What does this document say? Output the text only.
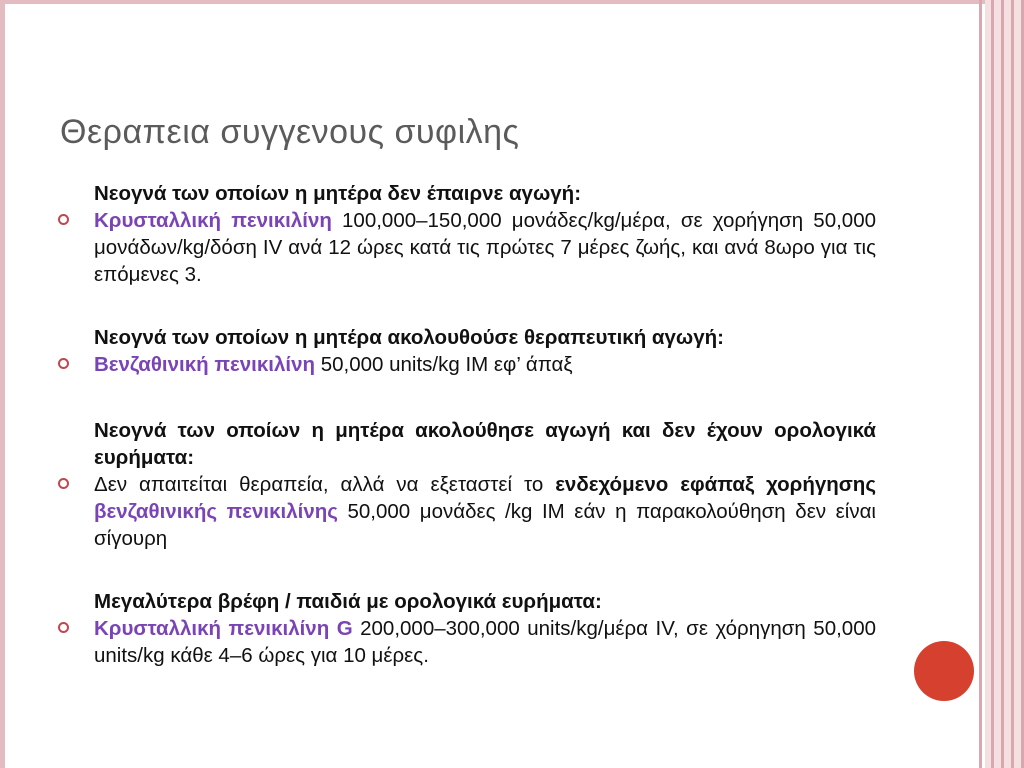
Θεραπεια συγγενους συφιλης

Νεογνά των οποίων η μητέρα δεν έπαιρνε αγωγή:

Κρυσταλλική πενικιλίνη 100,000–150,000 μονάδες/kg/μέρα, σε χορήγηση 50,000 μονάδων/kg/δόση IV ανά 12 ώρες κατά τις πρώτες 7 μέρες ζωής, και ανά 8ωρο για τις επόμενες 3.

Νεογνά των οποίων η μητέρα ακολουθούσε θεραπευτική αγωγή:

Βενζαθινική πενικιλίνη 50,000 units/kg IM εφ’ άπαξ

Νεογνά των οποίων η μητέρα ακολούθησε αγωγή και δεν έχουν ορολογικά ευρήματα:

Δεν απαιτείται θεραπεία, αλλά να εξεταστεί το ενδεχόμενο εφάπαξ χορήγησης βενζαθινικής πενικιλίνης 50,000 μονάδες /kg IM εάν η παρακολούθηση δεν είναι σίγουρη

Μεγαλύτερα βρέφη / παιδιά με ορολογικά ευρήματα:

Κρυσταλλική πενικιλίνη G 200,000–300,000 units/kg/μέρα IV, σε χόρηγηση 50,000 units/kg κάθε 4–6 ώρες για 10 μέρες.
